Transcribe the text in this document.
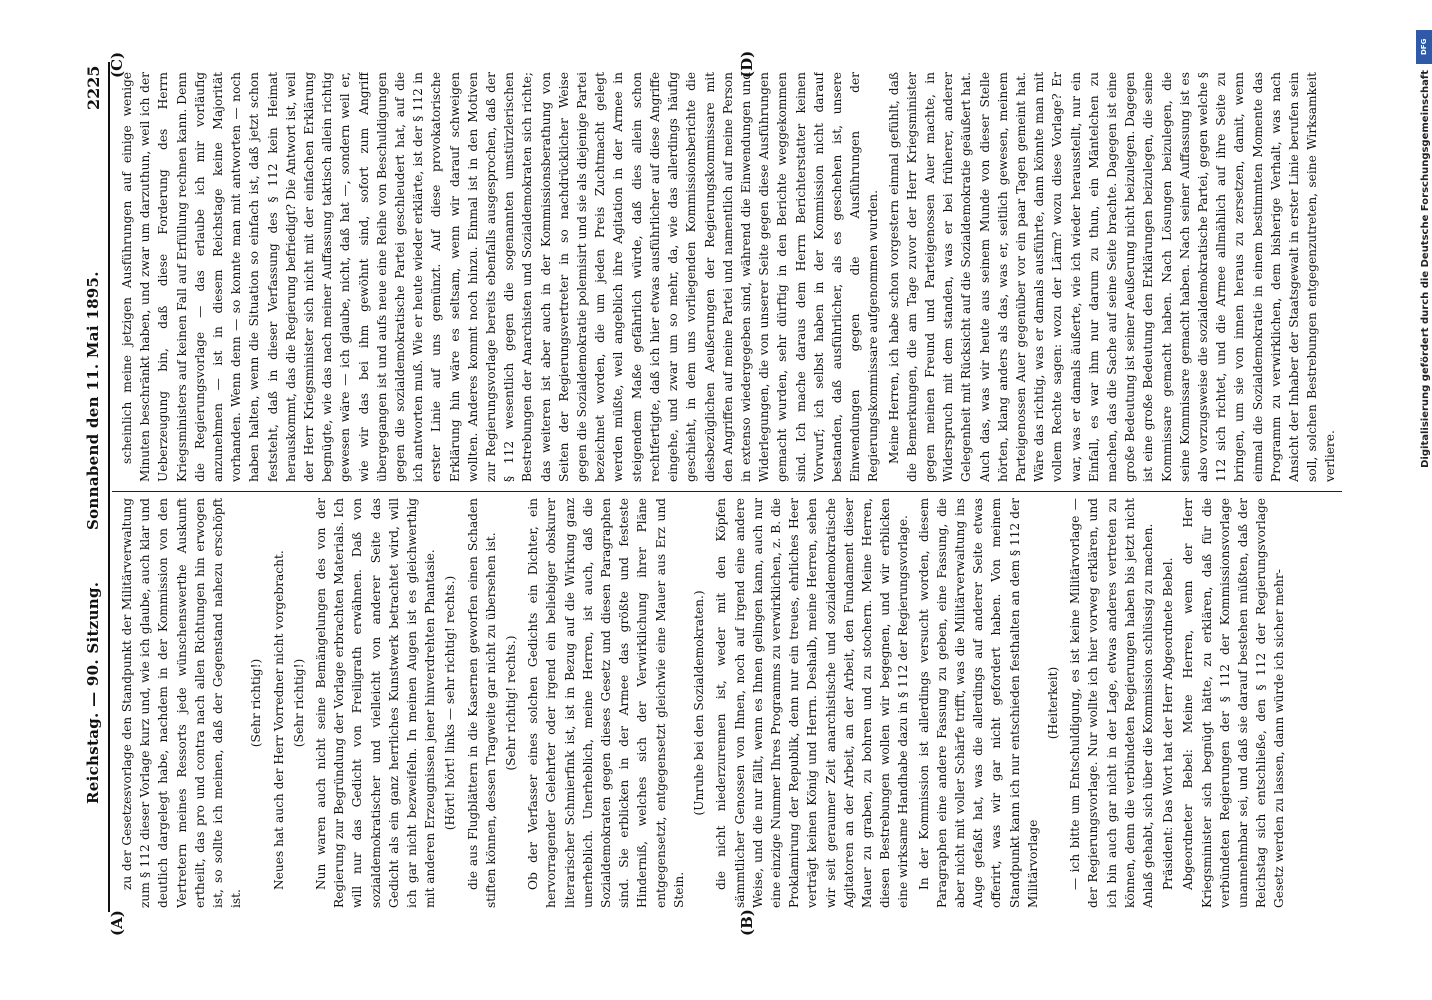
Reichstag. — 90. Sitzung.
Sonnabend den 11. Mai 1895.
2225
(A)	(B)
(C)	(D)

zu der Gesetzesvorlage den Standpunkt der Militärverwaltung zum § 112 dieser Vorlage kurz und, wie ich glaube, auch klar und deutlich dargelegt habe, nachdem in der Kommission von den Vertretern meines Ressorts jede wünschenswerthe Auskunft ertheilt, das pro und contra nach allen Richtungen hin erwogen ist, so sollte ich meinen, daß der Gegenstand nahezu erschöpft ist.

(Sehr richtig!) Neues hat auch der Herr Vorredner nicht vorgebracht. (Sehr richtig!) Nun waren auch nicht seine Bemängelungen des von der Regierung zur Begründung der Vorlage erbrachten Materials. Ich will nur das Gedicht von Freiligrath erwähnen. Daß von sozialdemokratischer und vielleicht von anderer Seite das Gedicht als ein ganz herrliches Kunstwerk betrachtet wird, will ich gar nicht bezweifeln. In meinen Augen ist es gleichwerthig mit anderen Erzeugnissen jener hinverdrehten Phantasie. (Hört! hört! links — sehr richtig! rechts.) die aus Flugblättern in die Kasernen geworfen einen Schaden stiften können, dessen Tragweite gar nicht zu übersehen ist. (Sehr richtig! rechts.) Ob der Verfasser eines solchen Gedichts ein Dichter, ein hervorragender Gelehrter oder irgend ein beliebiger obskurer literarischer Schmierfink ist, ist in Bezug auf die Wirkung ganz unerheblich. Unerheblich, meine Herren, ist auch, daß die Sozialdemokraten gegen dieses Gesetz und diesen Paragraphen sind. Sie erblicken in der Armee das größte und festeste Hinderniß, welches sich der Verwirklichung ihrer Pläne entgegensetzt, entgegensetzt gleichwie eine Mauer aus Erz und Stein.

(Unruhe bei den Sozialdemokraten.) die nicht niederzurennen ist, weder mit den Köpfen sämmtlicher Genossen von Ihnen, noch auf irgend eine andere Weise, und die nur fällt, wenn es Ihnen gelingen kann, auch nur eine einzige Nummer Ihres Programms zu verwirklichen, z. B. die Proklamirung der Republik, denn nur ein treues, ehrliches Heer verträgt keinen König und Herrn. Deshalb, meine Herren, sehen wir seit geraumer Zeit anarchistische und sozialdemokratische Agitatoren an der Arbeit, an der Arbeit, den Fundament dieser Mauer zu graben, zu bohren und zu stochern. Meine Herren, diesen Bestrebungen wollen wir begegnen, und wir erblicken eine wirksame Handhabe dazu in § 112 der Regierungsvorlage. In der Kommission ist allerdings versucht worden, diesem Paragraphen eine andere Fassung zu geben, eine Fassung, die aber nicht mit voller Schärfe trifft, was die Militärverwaltung ins Auge gefaßt hat, was die allerdings auf anderer Seite etwas offerirt, was wir gar nicht gefordert haben. Von meinem Standpunkt kann ich nur entschieden festhalten an dem § 112 der Militärvorlage

(Heiterkeit) — ich bitte um Entschuldigung, es ist keine Militärvorlage — der Regierungsvorlage. Nur wollte ich hier vorweg erklären, und ich bin auch gar nicht in der Lage, etwas anderes vertreten zu können, denn die verbündeten Regierungen haben bis jetzt nicht Anlaß gehabt, sich über die Kommission schlüssig zu machen. Präsident: Das Wort hat der Herr Abgeordnete Bebel. Abgeordneter Bebel: Meine Herren, wenn der Herr Kriegsminister sich begnügt hätte, zu erklären, daß für die verbündeten Regierungen der § 112 der Kommissionsvorlage unannehmbar sei, und daß sie darauf bestehen müßten, daß der Reichstag sich entschließe, den § 112 der Regierungsvorlage Gesetz werden zu lassen, dann würde ich sicher mehr-

scheinlich meine jetzigen Ausführungen auf einige wenige Minuten beschränkt haben, und zwar um darzuthun, weil ich der Ueberzeugung bin, daß diese Forderung des Herrn Kriegsministers auf keinen Fall auf Erfüllung rechnen kann. Denn die Regierungsvorlage — das erlaube ich mir vorläufig anzunehmen — ist in diesem Reichstage keine Majorität vorhanden. Wenn denn — so konnte man mit antworten — noch haben halten, wenn die Situation so einfach ist, daß jetzt schon feststeht, daß in dieser Verfassung des § 112 kein Heimat herauskommt, das die Regierung befriedigt? Die Antwort ist, weil der Herr Kriegsminister sich nicht mit der einfachen Erklärung begnügte, wie das nach meiner Auffassung taktisch allein richtig gewesen wäre — ich glaube, nicht, daß hat —, sondern weil er, wie wir das bei ihm gewöhnt sind, sofort zum Angriff übergegangen ist und aufs neue eine Reihe von Beschuldigungen gegen die sozialdemokratische Partei geschleudert hat, auf die ich antworten muß. Wie er heute wieder erklärte, ist der § 112 in erster Linie auf uns gemünzt. Auf diese provokatorische Erklärung hin wäre es seltsam, wenn wir darauf schweigen wollten. Anderes kommt noch hinzu. Einmal ist in den Motiven zur Regierungsvorlage bereits ebenfalls ausgesprochen, daß der § 112 wesentlich gegen die sogenannten umstürzlerischen Bestrebungen der Anarchisten und Sozialdemokraten sich richte; das weiteren ist aber auch in der Kommissionsberathung von Seiten der Regierungsvertreter in so nachdrücklicher Weise gegen die Sozialdemokratie polemisirt und sie als diejenige Partei bezeichnet worden, die um jeden Preis Zuchtmacht gelegt werden müßte, weil angeblich ihre Agitation in der Armee in steigendem Maße gefährlich würde, daß dies allein schon rechtfertigte, daß ich hier etwas ausführlicher auf diese Angriffe eingehe, und zwar um so mehr, da, wie das allerdings häufig geschieht, in dem uns vorliegenden Kommissionsberichte die diesbezüglichen Aeußerungen der Regierungskommissare mit den Angriffen auf meine Partei und namentlich auf meine Person in extenso wiedergegeben sind, während die Einwendungen und Widerlegungen, die von unserer Seite gegen diese Ausführungen gemacht wurden, sehr dürftig in den Berichte weggekommen sind. Ich mache daraus dem Herrn Berichterstatter keinen Vorwurf; ich selbst haben in der Kommission nicht darauf bestanden, daß ausführlicher, als es geschehen ist, unsere Einwendungen gegen die Ausführungen der Regierungskommissare aufgenommen wurden. Meine Herren, ich habe schon vorgestern einmal gefühlt, daß die Bemerkungen, die am Tage zuvor der Herr Kriegsminister gegen meinen Freund und Parteigenossen Auer machte, in Widerspruch mit dem standen, was er bei früherer, anderer Gelegenheit mit Rücksicht auf die Sozialdemokratie geäußert hat. Auch das, was wir heute aus seinem Munde von dieser Stelle hörten, klang anders als das, was er, seitlich gewesen, meinem Parteigenossen Auer gegenüber vor ein paar Tagen gemeint hat. Wäre das richtig, was er damals ausführte, dann könnte man mit vollem Rechte sagen: wozu der Lärm? wozu diese Vorlage? Er war, was er damals äußerte, wie ich wieder herausstellt, nur ein Einfall, es war ihm nur darum zu thun, ein Mäntelchen zu machen, das die Sache auf seine Seite brachte. Dagegen ist eine große Bedeutung ist seiner Aeußerung nicht beizulegen. Dagegen ist eine große Bedeutung den Erklärungen beizulegen, die seine Kommissare gemacht haben. Nach Lösungen beizulegen, die seine Kommissare gemacht haben. Nach seiner Auffassung ist es also vorzugsweise die sozialdemokratische Partei, gegen welche § 112 sich richtet, und die Armee allmählich auf ihre Seite zu bringen, um sie von innen heraus zu zersetzen, damit, wenn einmal die Sozialdemokratie in einem bestimmten Momente das Programm zu verwirklichen, dem bisherige Verhalt, was nach Ansicht der Inhaber der Staatsgewalt in erster Linie berufen sein soll, solchen Bestrebungen entgegenzutreten, seine Wirksamkeit verliere.

DFG
Digitalisierung gefördert durch die Deutsche Forschungsgemeinschaft
